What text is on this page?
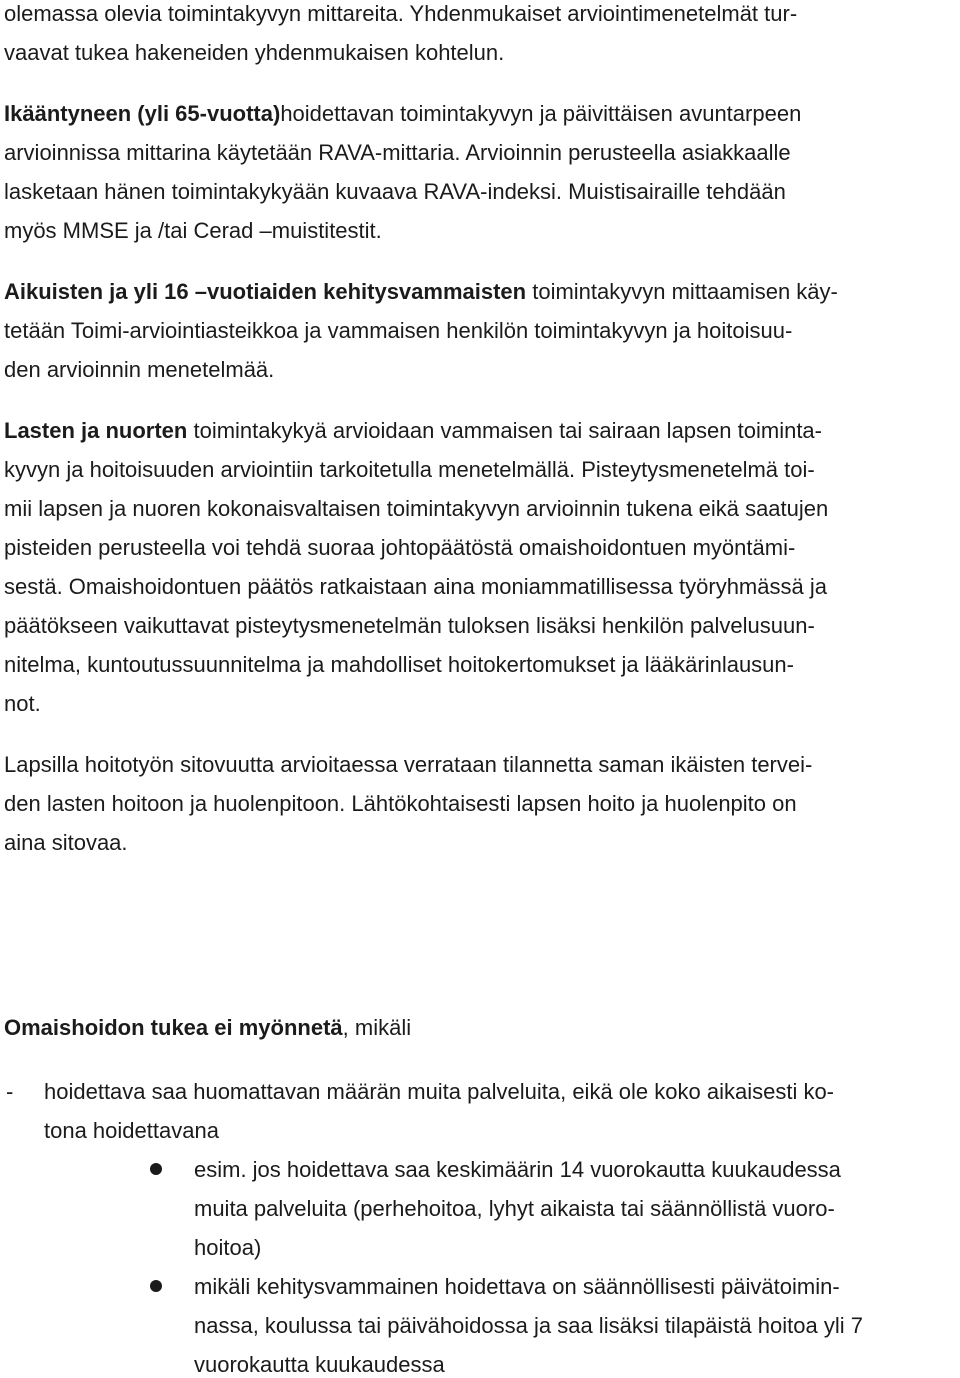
olemassa olevia toimintakyvyn mittareita. Yhdenmukaiset arviointimenetelmät tur-
vaavat tukea hakeneiden yhdenmukaisen kohtelun.
Ikääntyneen (yli 65-vuotta)hoidettavan toimintakyvyn ja päivittäisen avuntarpeen
arvioinnissa mittarina käytetään RAVA-mittaria. Arvioinnin perusteella asiakkaalle
lasketaan hänen toimintakykyään kuvaava RAVA-indeksi. Muistisairaille tehdään
myös MMSE ja /tai Cerad –muistitestit.
Aikuisten ja yli 16 –vuotiaiden kehitysvammaisten toimintakyvyn mittaamisen käy-
tetään Toimi-arviointiasteikkoa ja vammaisen henkilön toimintakyvyn ja hoitoisuu-
den arvioinnin menetelmää.
Lasten ja nuorten toimintakykyä arvioidaan vammaisen tai sairaan lapsen toiminta-
kyvyn ja hoitoisuuden arviointiin tarkoitetulla menetelmällä. Pisteytysmenetelmä toi-
mii lapsen ja nuoren kokonaisvaltaisen toimintakyvyn arvioinnin tukena eikä saatujen
pisteiden perusteella voi tehdä suoraa johtopäätöstä omaishoidontuen myöntämi-
sestä. Omaishoidontuen päätös ratkaistaan aina moniammatillisessa työryhmässä ja
päätökseen vaikuttavat pisteytysmenetelmän tuloksen lisäksi henkilön palvelusuun-
nitelma, kuntoutussuunnitelma ja mahdolliset hoitokertomukset ja lääkärinlausun-
not.
Lapsilla hoitotyön sitovuutta arvioitaessa verrataan tilannetta saman ikäisten tervei-
den lasten hoitoon ja huolenpitoon. Lähtökohtaisesti lapsen hoito ja huolenpito on
aina sitovaa.
Omaishoidon tukea ei myönnetä, mikäli
- hoidettava saa huomattavan määrän muita palveluita, eikä ole koko aikaisesti ko-
tona hoidettavana
esim. jos hoidettava saa keskimäärin 14 vuorokautta kuukaudessa
muita palveluita (perhehoitoa, lyhyt aikaista tai säännöllistä vuoro-
hoitoa)
mikäli kehitysvammainen hoidettava on säännöllisesti päivätoimin-
nassa, koulussa tai päivähoidossa ja saa lisäksi tilapäistä hoitoa yli 7
vuorokautta kuukaudessa
